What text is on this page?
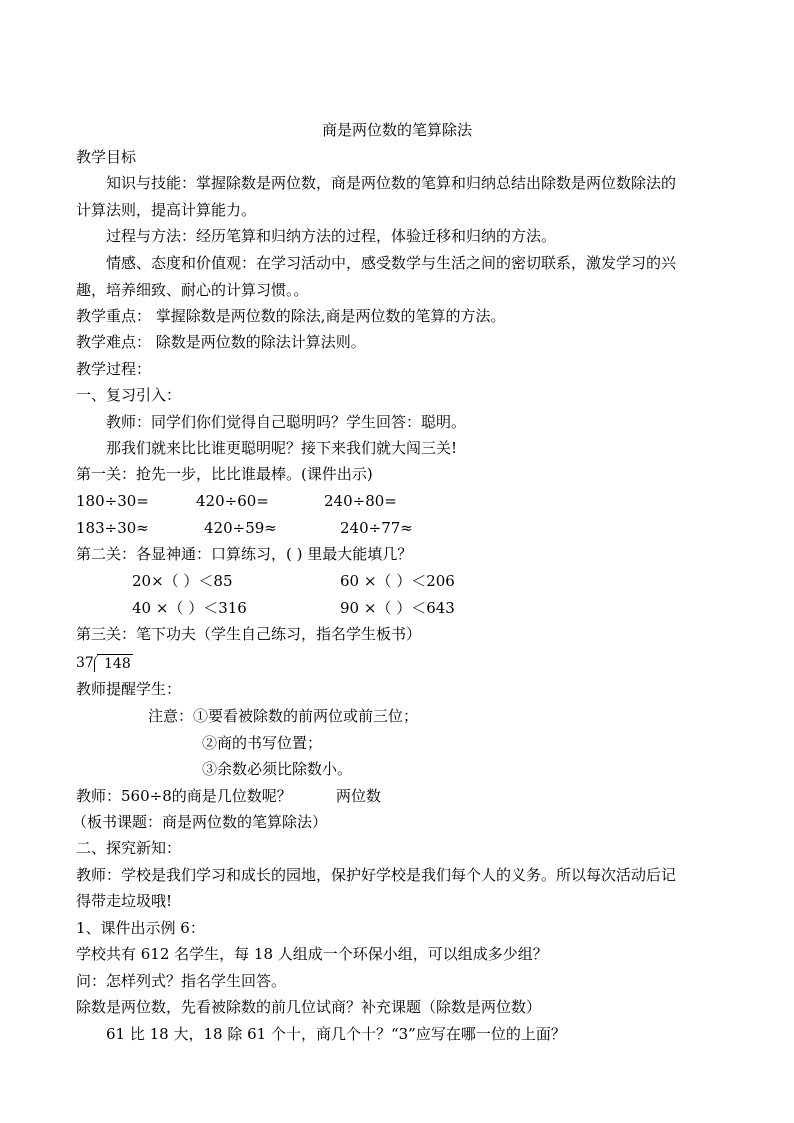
商是两位数的笔算除法
教学目标
知识与技能：掌握除数是两位数，商是两位数的笔算和归纳总结出除数是两位数除法的
计算法则，提高计算能力。
过程与方法：经历笔算和归纳方法的过程，体验迁移和归纳的方法。
情感、态度和价值观：在学习活动中，感受数学与生活之间的密切联系，激发学习的兴
趣，培养细致、耐心的计算习惯。。
教学重点： 掌握除数是两位数的除法,商是两位数的笔算的方法。
教学难点： 除数是两位数的除法计算法则。
教学过程：
一、复习引入：
教师：同学们你们觉得自己聪明吗？学生回答：聪明。
那我们就来比比谁更聪明呢？接下来我们就大闯三关!
第一关：抢先一步，比比谁最棒。(课件出示)
180÷30=	420÷60=	240÷80=
183÷30≈	420÷59≈	240÷77≈
第二关：各显神通：口算练习，( ) 里最大能填几？
20×（ ）＜85	60 ×（ ）＜206
40 ×（ ）＜316	90 ×（ ）＜643
第三关：笔下功夫（学生自己练习，指名学生板书）
37 148
教师提醒学生：
注意：①要看被除数的前两位或前三位；
②商的书写位置；
③余数必须比除数小。
教师：560÷8的商是几位数呢？	两位数
（板书课题：商是两位数的笔算除法）
二、探究新知：
教师：学校是我们学习和成长的园地，保护好学校是我们每个人的义务。所以每次活动后记
得带走垃圾哦!
1、课件出示例 6：
学校共有 612 名学生，每 18 人组成一个环保小组，可以组成多少组？
问：怎样列式？指名学生回答。
除数是两位数，先看被除数的前几位试商？补充课题（除数是两位数）
61 比 18 大，18 除 61 个十，商几个十？“3”应写在哪一位的上面？
